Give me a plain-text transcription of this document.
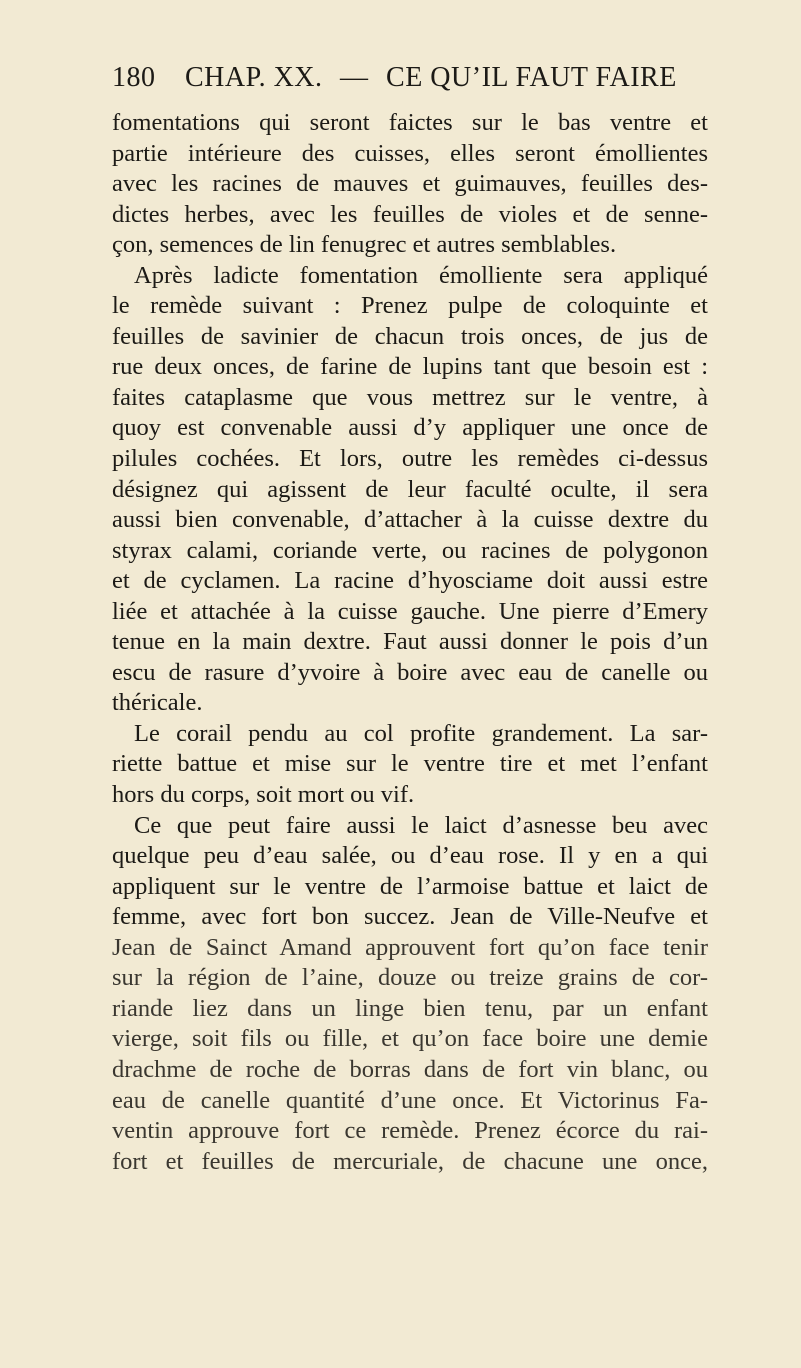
180 CHAP. XX. — CE QU’IL FAUT FAIRE
fomentations qui seront faictes sur le bas ventre et
partie intérieure des cuisses, elles seront émollientes
avec les racines de mauves et guimauves, feuilles des-
dictes herbes, avec les feuilles de violes et de senne-
çon, semences de lin fenugrec et autres semblables.
Après ladicte fomentation émolliente sera appliqué
le remède suivant : Prenez pulpe de coloquinte et
feuilles de savinier de chacun trois onces, de jus de
rue deux onces, de farine de lupins tant que besoin est :
faites cataplasme que vous mettrez sur le ventre, à
quoy est convenable aussi d’y appliquer une once de
pilules cochées. Et lors, outre les remèdes ci-dessus
désignez qui agissent de leur faculté oculte, il sera
aussi bien convenable, d’attacher à la cuisse dextre du
styrax calami, coriande verte, ou racines de polygonon
et de cyclamen. La racine d’hyosciame doit aussi estre
liée et attachée à la cuisse gauche. Une pierre d’Emery
tenue en la main dextre. Faut aussi donner le pois d’un
escu de rasure d’yvoire à boire avec eau de canelle ou
théricale.
Le corail pendu au col profite grandement. La sar-
riette battue et mise sur le ventre tire et met l’enfant
hors du corps, soit mort ou vif.
Ce que peut faire aussi le laict d’asnesse beu avec
quelque peu d’eau salée, ou d’eau rose. Il y en a qui
appliquent sur le ventre de l’armoise battue et laict de
femme, avec fort bon succez. Jean de Ville-Neufve et
Jean de Sainct Amand approuvent fort qu’on face tenir
sur la région de l’aine, douze ou treize grains de cor-
riande liez dans un linge bien tenu, par un enfant
vierge, soit fils ou fille, et qu’on face boire une demie
drachme de roche de borras dans de fort vin blanc, ou
eau de canelle quantité d’une once. Et Victorinus Fa-
ventin approuve fort ce remède. Prenez écorce du rai-
fort et feuilles de mercuriale, de chacune une once,
